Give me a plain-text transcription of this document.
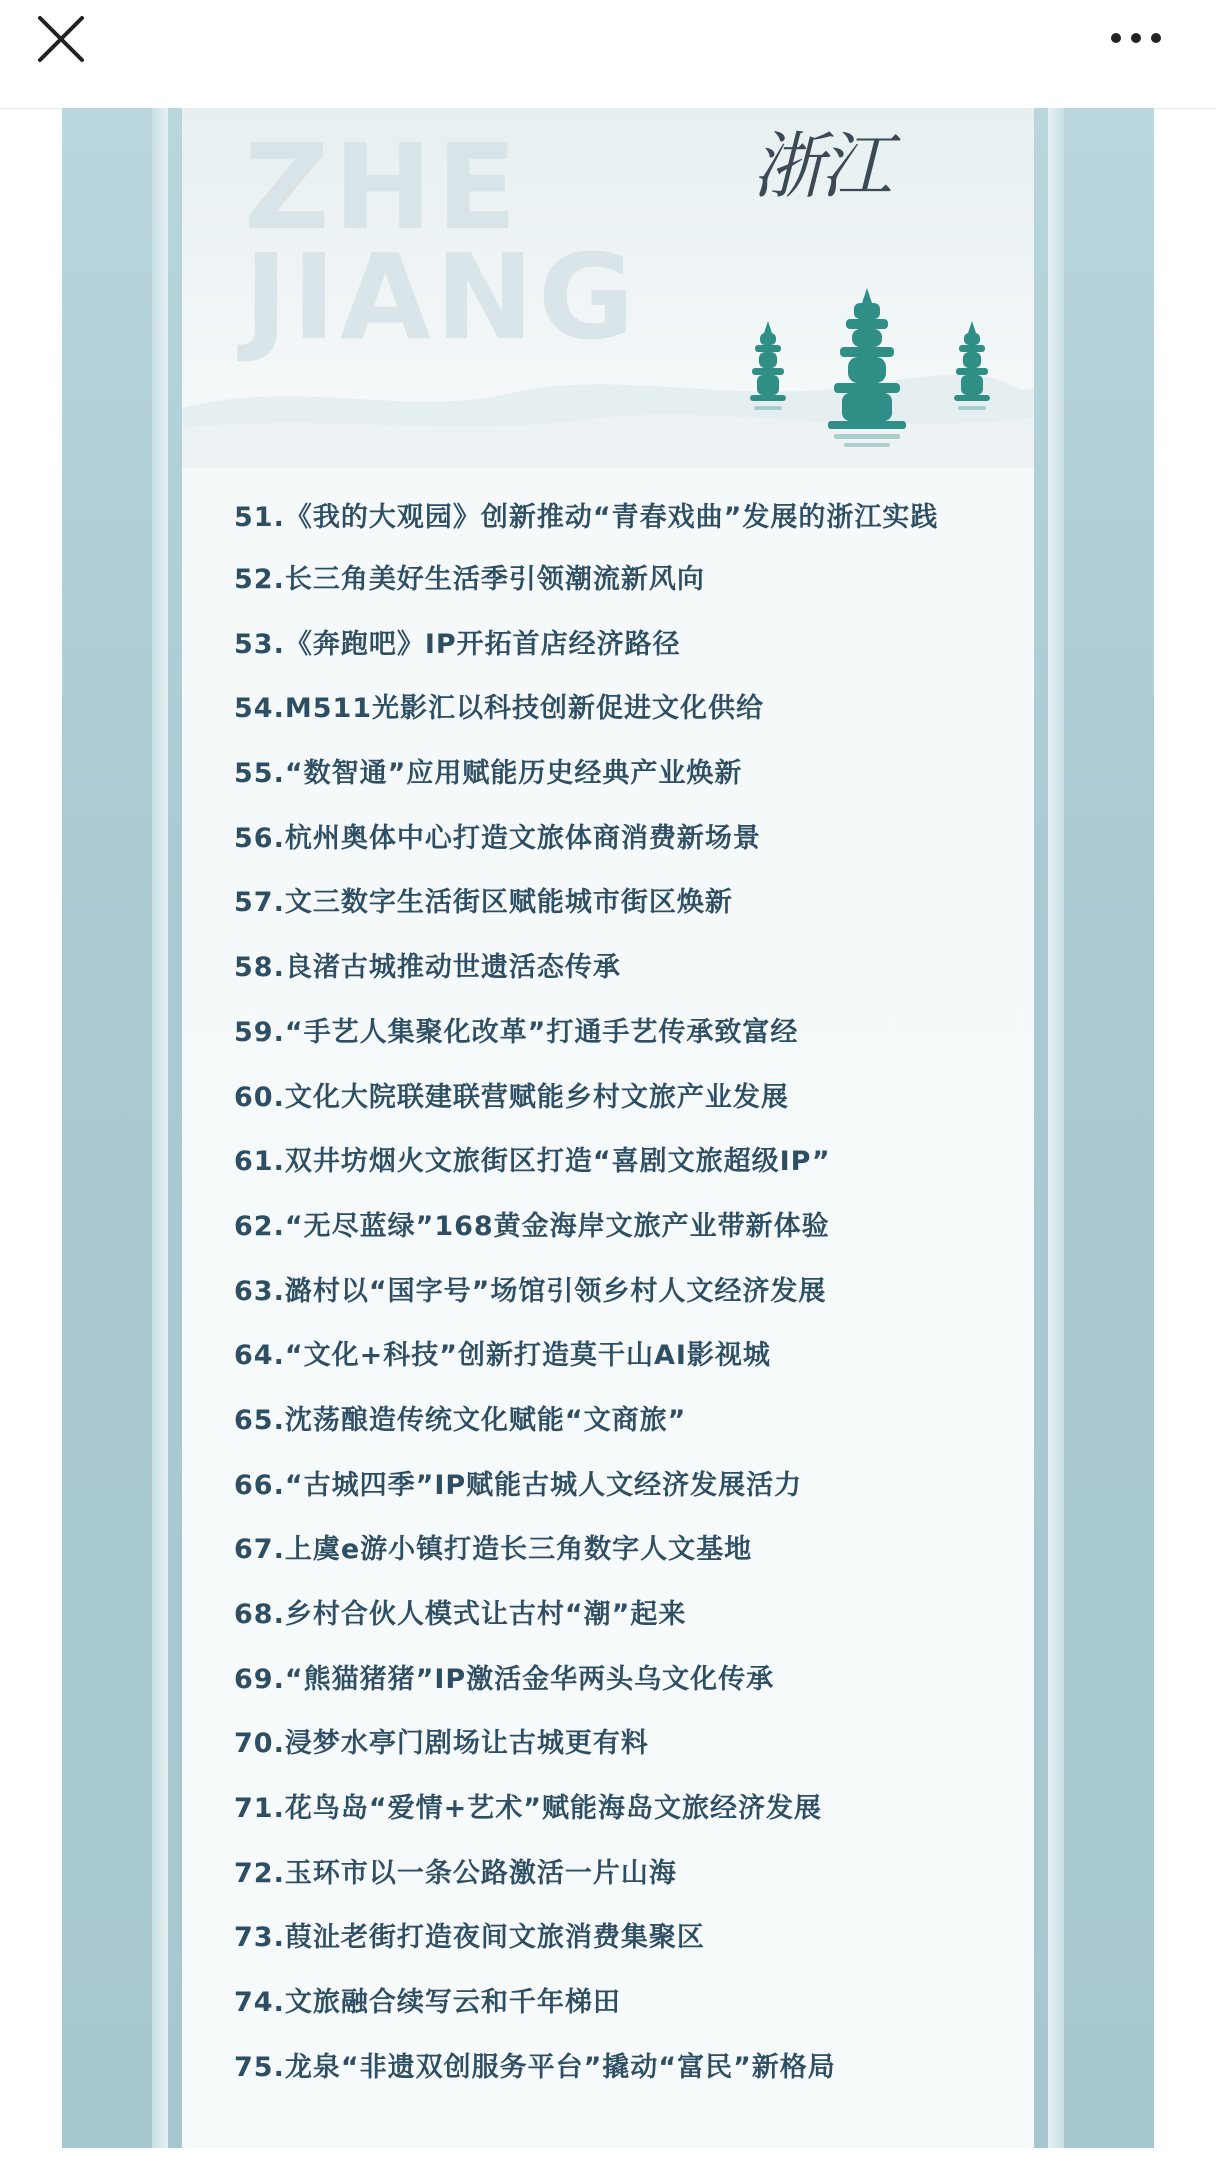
ZHE
JIANG
浙江
51.《我的大观园》创新推动“青春戏曲”发展的浙江实践
52.长三角美好生活季引领潮流新风向
53.《奔跑吧》IP开拓首店经济路径
54.M511光影汇以科技创新促进文化供给
55.“数智通”应用赋能历史经典产业焕新
56.杭州奥体中心打造文旅体商消费新场景
57.文三数字生活街区赋能城市街区焕新
58.良渚古城推动世遗活态传承
59.“手艺人集聚化改革”打通手艺传承致富经
60.文化大院联建联营赋能乡村文旅产业发展
61.双井坊烟火文旅街区打造“喜剧文旅超级IP”
62.“无尽蓝绿”168黄金海岸文旅产业带新体验
63.潞村以“国字号”场馆引领乡村人文经济发展
64.“文化+科技”创新打造莫干山AI影视城
65.沈荡酿造传统文化赋能“文商旅”
66.“古城四季”IP赋能古城人文经济发展活力
67.上虞e游小镇打造长三角数字人文基地
68.乡村合伙人模式让古村“潮”起来
69.“熊猫猪猪”IP激活金华两头乌文化传承
70.浸梦水亭门剧场让古城更有料
71.花鸟岛“爱情+艺术”赋能海岛文旅经济发展
72.玉环市以一条公路激活一片山海
73.葭沚老街打造夜间文旅消费集聚区
74.文旅融合续写云和千年梯田
75.龙泉“非遗双创服务平台”撬动“富民”新格局
